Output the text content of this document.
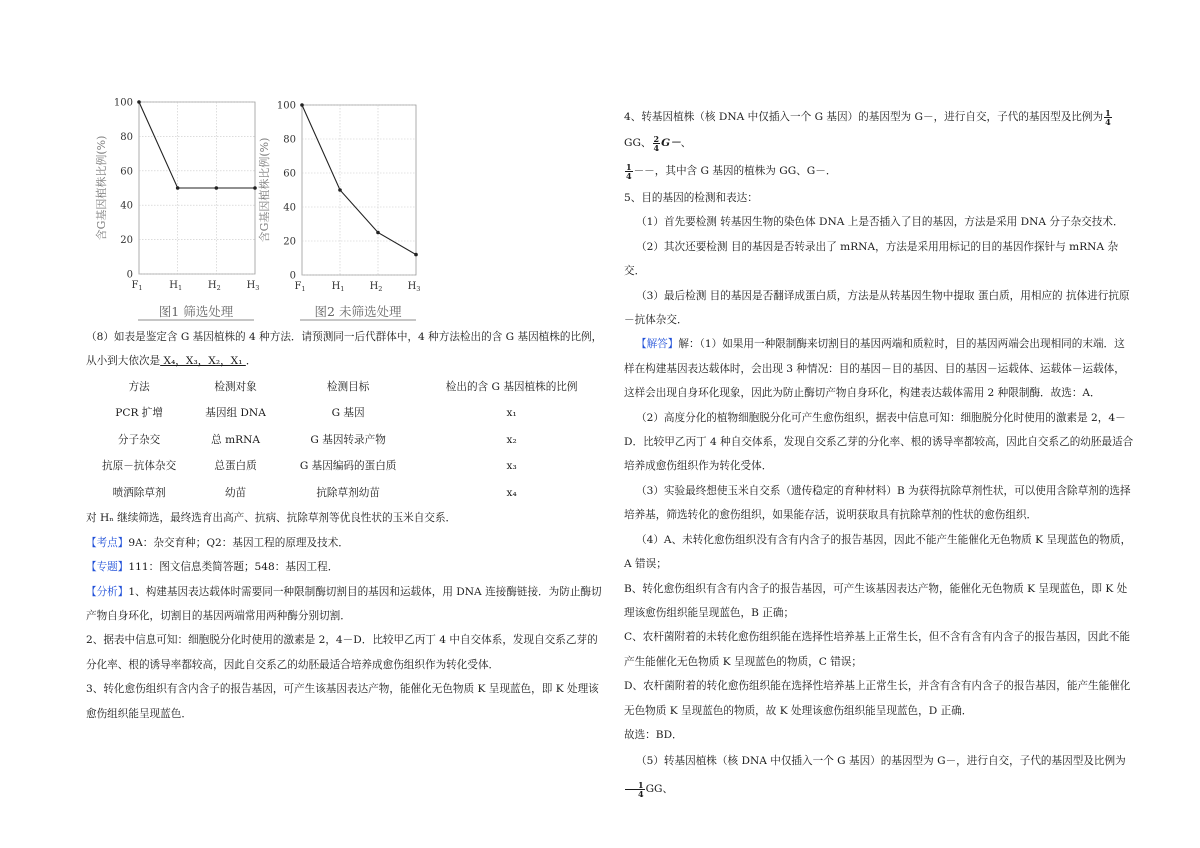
0
20
40
60
80
100
$F_1$	$H_1$	$H_2$	$H_3$
含G基因植株比例(%)
图1 筛选处理
0
20
40
60
80
100
$F_1$	$H_1$	$H_2$	$H_3$
含G基因植株比例(%)
图2 未筛选处理

（8）如表是鉴定含 G 基因植株的 4 种方法．请预测同一后代群体中，4 种方法检出的含 G 基因植株的比例，从小到大依次是 X₄，X₃，X₂，X₁ ．

方法	检测对象	检测目标	检出的含 G 基因植株的比例
PCR 扩增	基因组 DNA	G 基因	x₁
分子杂交	总 mRNA	G 基因转录产物	x₂
抗原－抗体杂交	总蛋白质	G 基因编码的蛋白质	x₃
喷洒除草剂	幼苗	抗除草剂幼苗	x₄

对 Hₙ 继续筛选，最终选育出高产、抗病、抗除草剂等优良性状的玉米自交系．

【考点】9A：杂交育种；Q2：基因工程的原理及技术．

【专题】111：图文信息类简答题；548：基因工程．

【分析】1、构建基因表达载体时需要同一种限制酶切割目的基因和运载体，用 DNA 连接酶链接．为防止酶切产物自身环化，切割目的基因两端常用两种酶分别切割．

2、据表中信息可知：细胞脱分化时使用的激素是 2，4－D．比较甲乙丙丁 4 中自交体系，发现自交系乙芽的分化率、根的诱导率都较高，因此自交系乙的幼胚最适合培养成愈伤组织作为转化受体．

3、转化愈伤组织有含内含子的报告基因，可产生该基因表达产物，能催化无色物质 K 呈现蓝色，即 K 处理该愈伤组织能呈现蓝色．

4、转基因植株（核 DNA 中仅插入一个 G 基因）的基因型为 G－，进行自交，子代的基因型及比例为 $\frac{1}{4}$
GG、 $\frac{2}{4} G-$、

$\frac{1}{4}$ －－，其中含 G 基因的植株为 GG、G－．

5、目的基因的检测和表达：

（1）首先要检测 转基因生物的染色体 DNA 上是否插入了目的基因，方法是采用 DNA 分子杂交技术．

（2）其次还要检测 目的基因是否转录出了 mRNA，方法是采用用标记的目的基因作探针与 mRNA 杂交．

（3）最后检测 目的基因是否翻译成蛋白质，方法是从转基因生物中提取 蛋白质，用相应的 抗体进行抗原－抗体杂交．

【解答】解：（1）如果用一种限制酶来切割目的基因两端和质粒时，目的基因两端会出现相同的末端．这样在构建基因表达载体时，会出现 3 种情况：目的基因－目的基因、目的基因－运载体、运载体－运载体，这样会出现自身环化现象，因此为防止酶切产物自身环化，构建表达载体需用 2 种限制酶．故选：A．

（2）高度分化的植物细胞脱分化可产生愈伤组织，据表中信息可知：细胞脱分化时使用的激素是 2，4－D．比较甲乙丙丁 4 种自交体系，发现自交系乙芽的分化率、根的诱导率都较高，因此自交系乙的幼胚最适合培养成愈伤组织作为转化受体．

（3）实验最终想使玉米自交系（遗传稳定的育种材料）B 为获得抗除草剂性状，可以使用含除草剂的选择培养基，筛选转化的愈伤组织，如果能存活，说明获取具有抗除草剂的性状的愈伤组织．

（4）A、未转化愈伤组织没有含有内含子的报告基因，因此不能产生能催化无色物质 K 呈现蓝色的物质，A 错误；

B、转化愈伤组织有含有内含子的报告基因，可产生该基因表达产物，能催化无色物质 K 呈现蓝色，即 K 处理该愈伤组织能呈现蓝色，B 正确；

C、农杆菌附着的未转化愈伤组织能在选择性培养基上正常生长，但不含有含有内含子的报告基因，因此不能产生能催化无色物质 K 呈现蓝色的物质，C 错误；

D、农杆菌附着的转化愈伤组织能在选择性培养基上正常生长，并含有含有内含子的报告基因，能产生能催化无色物质 K 呈现蓝色的物质，故 K 处理该愈伤组织能呈现蓝色，D 正确．

故选：BD．

（5）转基因植株（核 DNA 中仅插入一个 G 基因）的基因型为 G－，进行自交，子代的基因型及比例为
$\frac{1}{4}$ GG、
